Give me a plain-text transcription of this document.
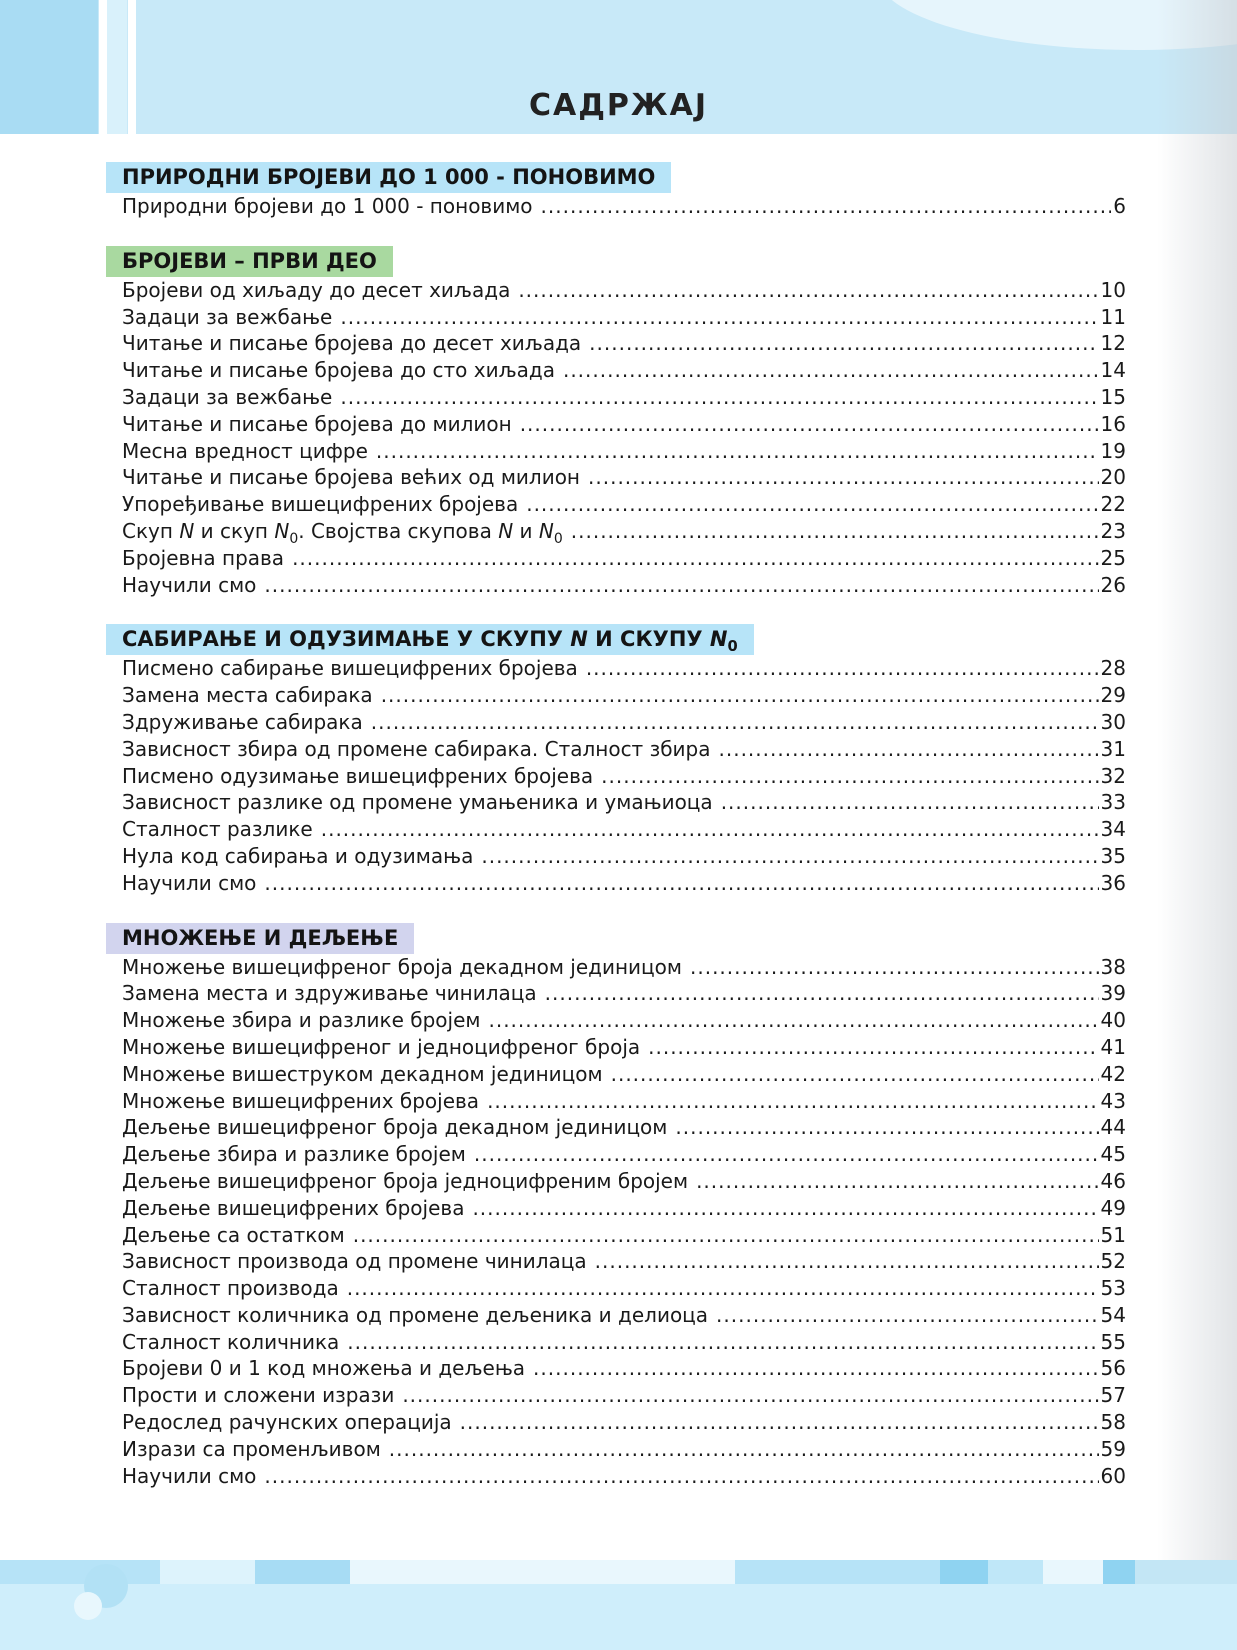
САДРЖАЈ
ПРИРОДНИ БРОЈЕВИ ДО 1 000 - ПОНОВИМО
Природни бројеви до 1 000 - поновимо .....	6
БРОЈЕВИ – ПРВИ ДЕО
Бројеви од хиљаду до десет хиљада .....	10
Задаци за вежбање .....	11
Читање и писање бројева до десет хиљада .....	12
Читање и писање бројева до сто хиљада .....	14
Задаци за вежбање .....	15
Читање и писање бројева до милион .....	16
Месна вредност цифре .....	19
Читање и писање бројева већих од милион .....	20
Упоређивање вишецифрених бројева .....	22
Скуп N и скуп $N_0$. Својства скупова N и $N_0$ .....	23
Бројевна права .....	25
Научили смо .....	26
САБИРАЊЕ И ОДУЗИМАЊЕ У СКУПУ N И СКУПУ $N_0$
Писмено сабирање вишецифрених бројева .....	28
Замена места сабирака .....	29
Здруживање сабирака .....	30
Зависност збира од промене сабирака. Сталност збира .....	31
Писмено одузимање вишецифрених бројева .....	32
Зависност разлике од промене умањеника и умањиоца .....	33
Сталност разлике .....	34
Нула код сабирања и одузимања .....	35
Научили смо .....	36
МНОЖЕЊЕ И ДЕЉЕЊЕ
Множење вишецифреног броја декадном јединицом .....	38
Замена места и здруживање чинилаца .....	39
Множење збира и разлике бројем .....	40
Множење вишецифреног и једноцифреног броја .....	41
Множење вишеструком декадном јединицом .....	42
Множење вишецифрених бројева .....	43
Дељење вишецифреног броја декадном јединицом .....	44
Дељење збира и разлике бројем .....	45
Дељење вишецифреног броја једноцифреним бројем .....	46
Дељење вишецифрених бројева .....	49
Дељење са остатком .....	51
Зависност производа од промене чинилаца .....	52
Сталност производа .....	53
Зависност количника од промене дељеника и делиоца .....	54
Сталност количника .....	55
Бројеви 0 и 1 код множења и дељења .....	56
Прости и сложени изрази .....	57
Редослед рачунских операција .....	58
Изрази са променљивом .....	59
Научили смо .....	60
